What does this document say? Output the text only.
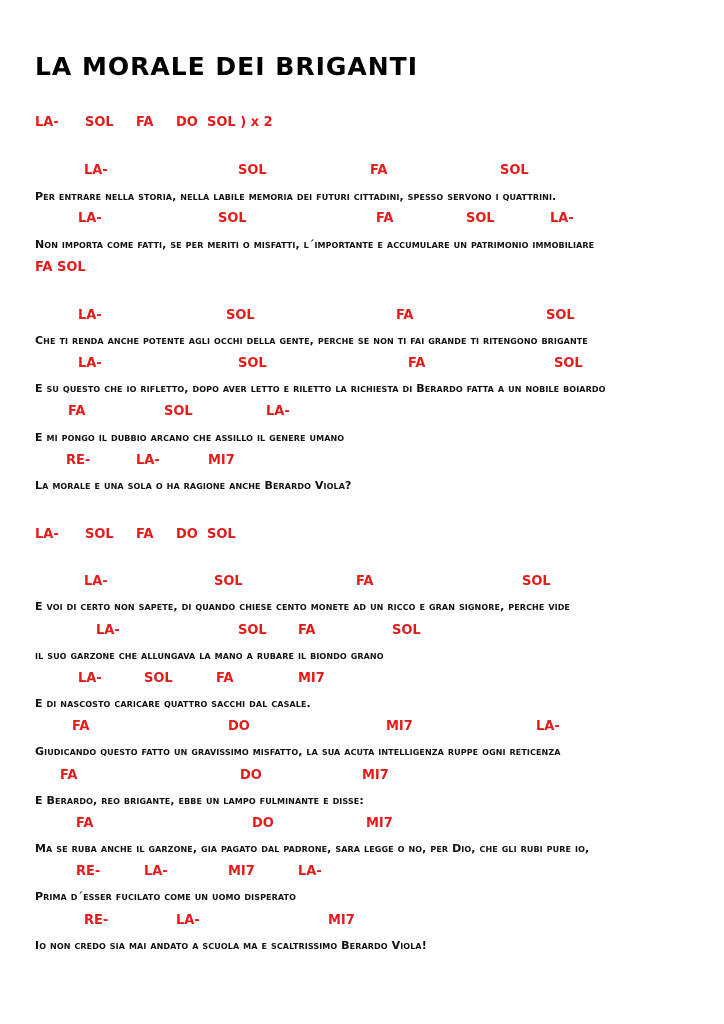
LA MORALE DEI BRIGANTI
LA- SOL FA DO SOL ) x 2
LA-	SOL	FA	SOL
Per entrare nella storia, nella labile memoria dei futuri cittadini, spesso servono i quattrini.
LA-	SOL	FA	SOL	LA-
Non importa come fatti, se per meriti o misfatti, l´importante e accumulare un patrimonio immobiliare
FA SOL
LA-	SOL	FA	SOL
Che ti renda anche potente agli occhi della gente, perche se non ti fai grande ti ritengono brigante
LA-	SOL	FA	SOL
E su questo che io rifletto, dopo aver letto e riletto la richiesta di Berardo fatta a un nobile boiardo
FA	SOL	LA-
E mi pongo il dubbio arcano che assillo il genere umano
RE-	LA-	MI7
La morale e una sola o ha ragione anche Berardo Viola?
LA- SOL FA DO SOL
LA-	SOL	FA	SOL
E voi di certo non sapete, di quando chiese cento monete ad un ricco e gran signore, perche vide
LA-	SOL FA	SOL
il suo garzone che allungava la mano a rubare il biondo grano
LA-	SOL	FA	MI7
E di nascosto caricare quattro sacchi dal casale.
FA	DO	MI7	LA-
Giudicando questo fatto un gravissimo misfatto, la sua acuta intelligenza ruppe ogni reticenza
FA	DO	MI7
E Berardo, reo brigante, ebbe un lampo fulminante e disse:
FA	DO	MI7
Ma se ruba anche il garzone, gia pagato dal padrone, sara legge o no, per Dio, che gli rubi pure io,
RE-	LA-	MI7	LA-
Prima d´esser fucilato come un uomo disperato
RE-	LA-	MI7
Io non credo sia mai andato a scuola ma e scaltrissimo Berardo Viola!
